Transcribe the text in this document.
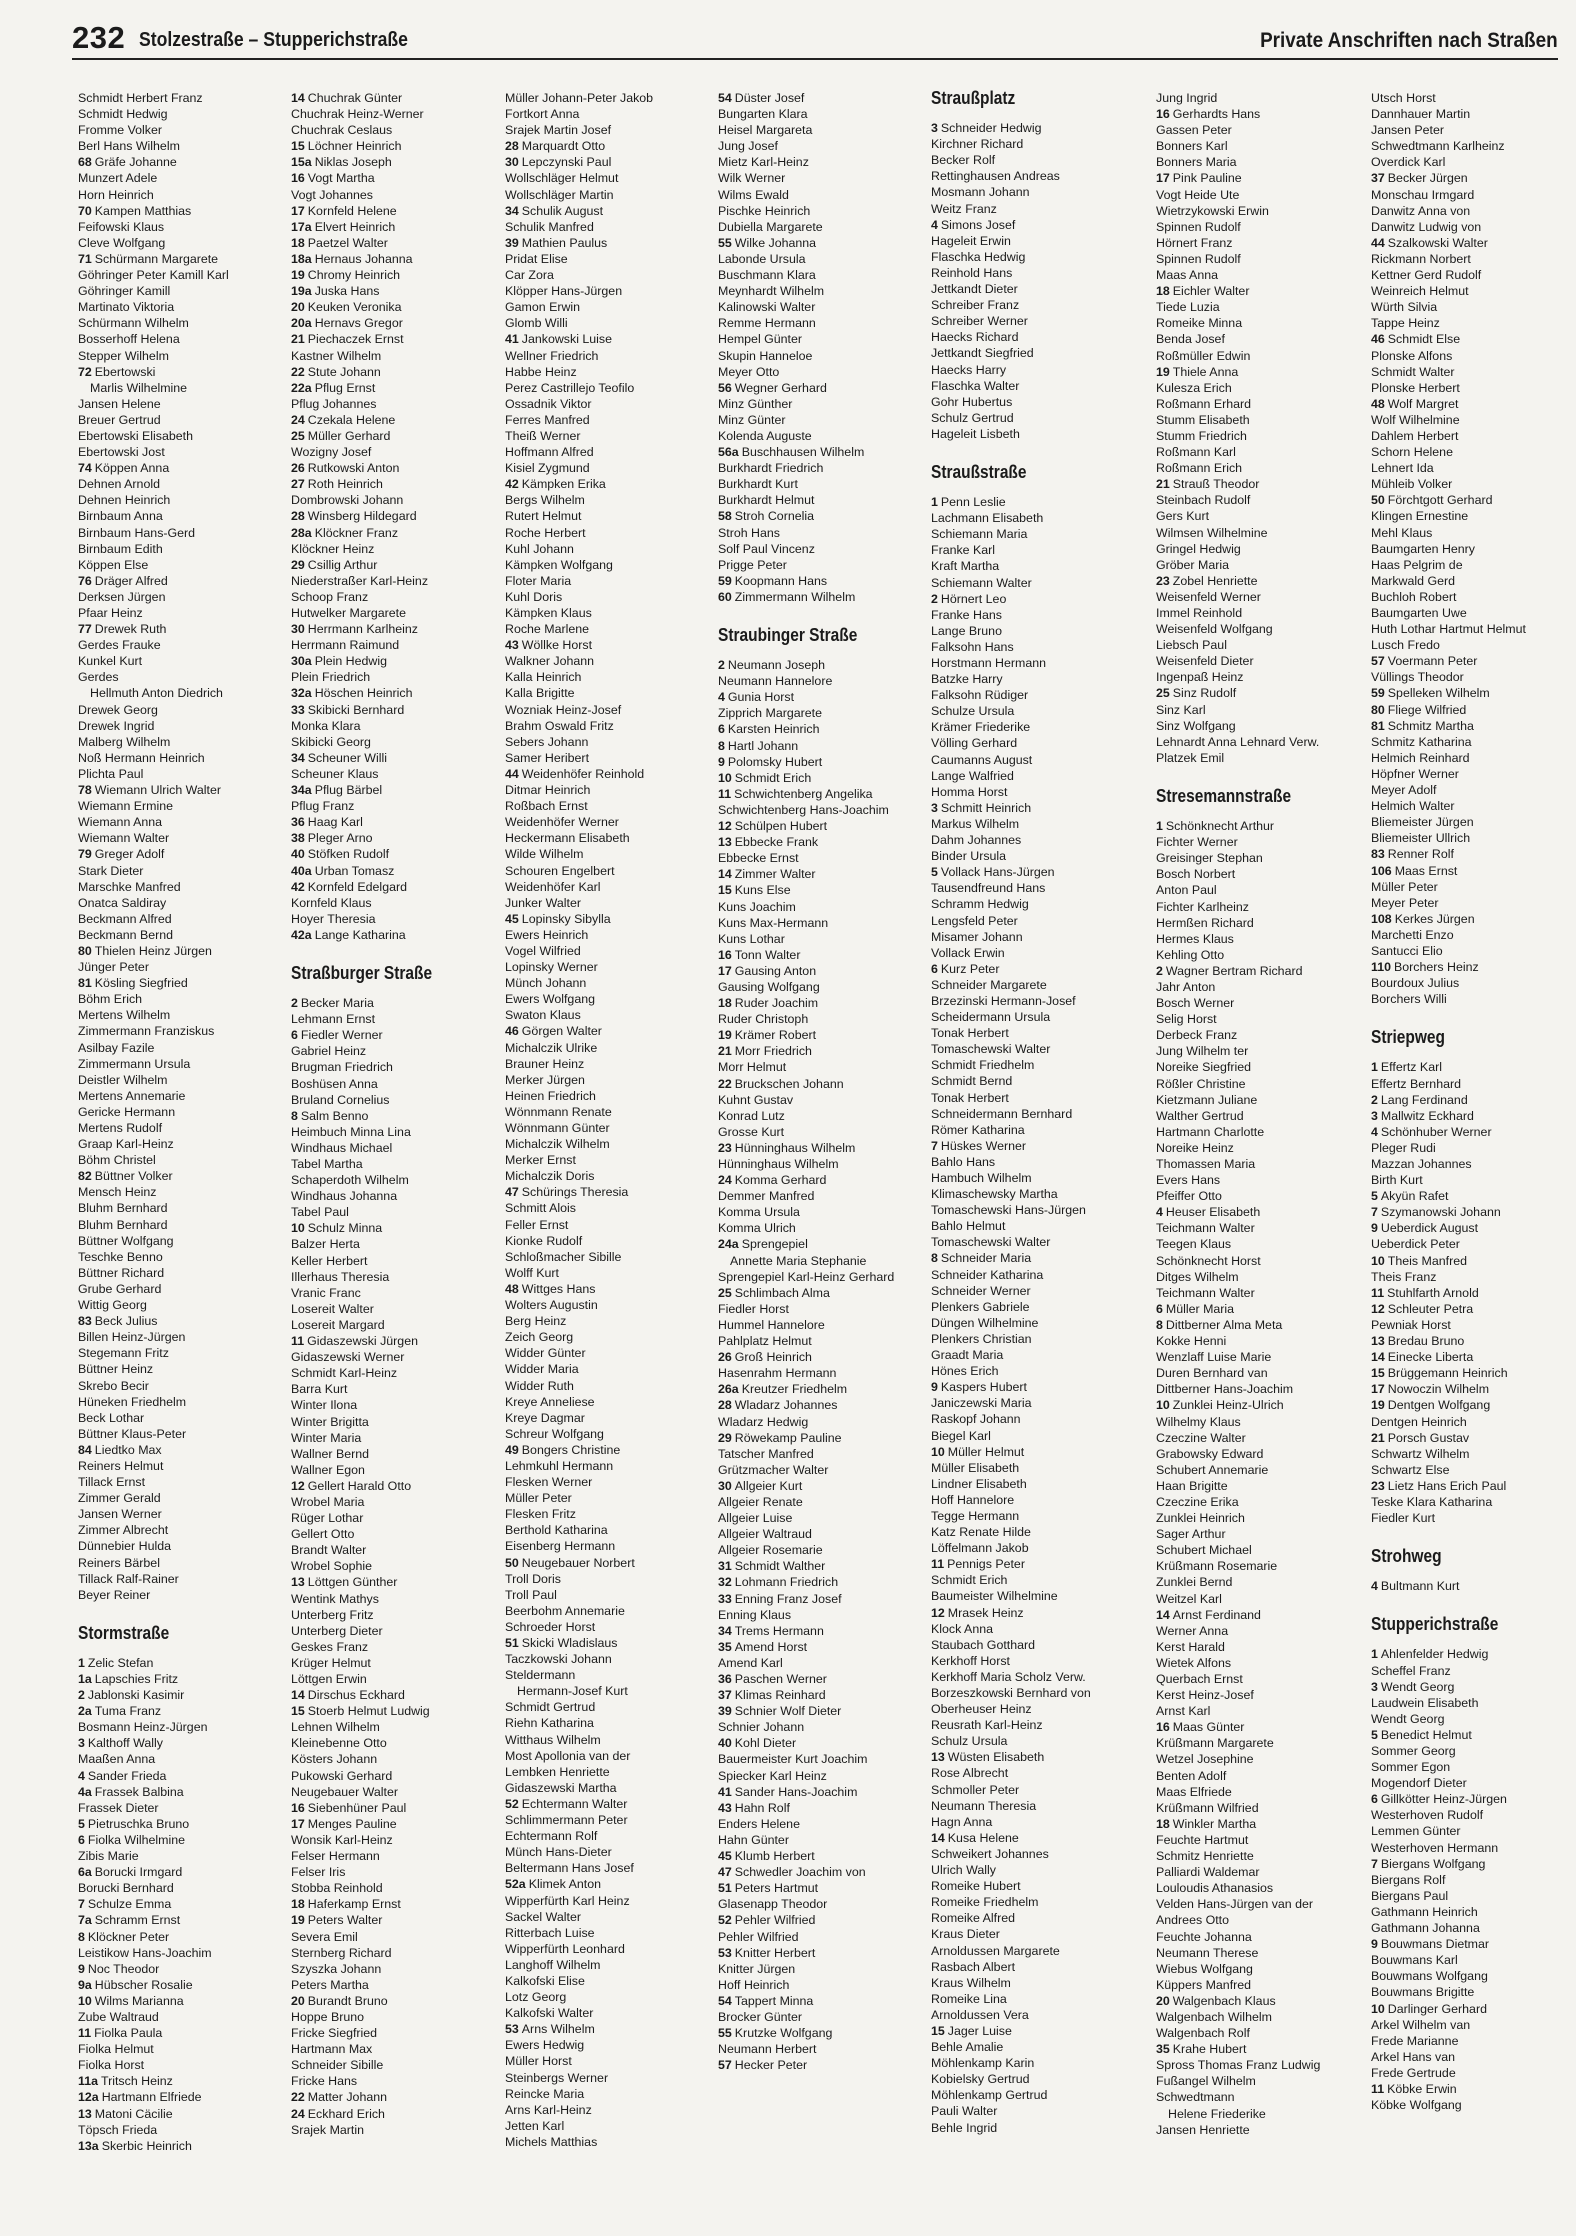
232 Stolzestraße – Stupperichstraße	Private Anschriften nach Straßen
Schmidt Herbert Franz
Schmidt Hedwig
Fromme Volker
Berl Hans Wilhelm
68 Gräfe Johanne
Munzert Adele
Horn Heinrich
70 Kampen Matthias
Feifowski Klaus
Cleve Wolfgang
71 Schürmann Margarete
Göhringer Peter Kamill Karl
Göhringer Kamill
Martinato Viktoria
Schürmann Wilhelm
Bosserhoff Helena
Stepper Wilhelm
72 Ebertowski
Marlis Wilhelmine
Jansen Helene
Breuer Gertrud
Ebertowski Elisabeth
Ebertowski Jost
74 Köppen Anna
Dehnen Arnold
Dehnen Heinrich
Birnbaum Anna
Birnbaum Hans-Gerd
Birnbaum Edith
Köppen Else
76 Dräger Alfred
Derksen Jürgen
Pfaar Heinz
77 Drewek Ruth
Gerdes Frauke
Kunkel Kurt
Gerdes
Hellmuth Anton Diedrich
Drewek Georg
Drewek Ingrid
Malberg Wilhelm
Noß Hermann Heinrich
Plichta Paul
78 Wiemann Ulrich Walter
Wiemann Ermine
Wiemann Anna
Wiemann Walter
79 Greger Adolf
Stark Dieter
Marschke Manfred
Onatca Saldiray
Beckmann Alfred
Beckmann Bernd
80 Thielen Heinz Jürgen
Jünger Peter
81 Kösling Siegfried
Böhm Erich
Mertens Wilhelm
Zimmermann Franziskus
Asilbay Fazile
Zimmermann Ursula
Deistler Wilhelm
Mertens Annemarie
Gericke Hermann
Mertens Rudolf
Graap Karl-Heinz
Böhm Christel
82 Büttner Volker
Mensch Heinz
Bluhm Bernhard
Bluhm Bernhard
Büttner Wolfgang
Teschke Benno
Büttner Richard
Grube Gerhard
Wittig Georg
83 Beck Julius
Billen Heinz-Jürgen
Stegemann Fritz
Büttner Heinz
Skrebo Becir
Hüneken Friedhelm
Beck Lothar
Büttner Klaus-Peter
84 Liedtko Max
Reiners Helmut
Tillack Ernst
Zimmer Gerald
Jansen Werner
Zimmer Albrecht
Dünnebier Hulda
Reiners Bärbel
Tillack Ralf-Rainer
Beyer Reiner
Stormstraße
1 Zelic Stefan
1a Lapschies Fritz
2 Jablonski Kasimir
2a Tuma Franz
Bosmann Heinz-Jürgen
3 Kalthoff Wally
Maaßen Anna
4 Sander Frieda
4a Frassek Balbina
Frassek Dieter
5 Pietruschka Bruno
6 Fiolka Wilhelmine
Zibis Marie
6a Borucki Irmgard
Borucki Bernhard
7 Schulze Emma
7a Schramm Ernst
8 Klöckner Peter
Leistikow Hans-Joachim
9 Noc Theodor
9a Hübscher Rosalie
10 Wilms Marianna
Zube Waltraud
11 Fiolka Paula
Fiolka Helmut
Fiolka Horst
11a Tritsch Heinz
12a Hartmann Elfriede
13 Matoni Cäcilie
Töpsch Frieda
13a Skerbic Heinrich
14 Chuchrak Günter
Chuchrak Heinz-Werner
Chuchrak Ceslaus
15 Löchner Heinrich
15a Niklas Joseph
16 Vogt Martha
Vogt Johannes
17 Kornfeld Helene
17a Elvert Heinrich
18 Paetzel Walter
18a Hernaus Johanna
19 Chromy Heinrich
19a Juska Hans
20 Keuken Veronika
20a Hernavs Gregor
21 Piechaczek Ernst
Kastner Wilhelm
22 Stute Johann
22a Pflug Ernst
Pflug Johannes
24 Czekala Helene
25 Müller Gerhard
Wozigny Josef
26 Rutkowski Anton
27 Roth Heinrich
Dombrowski Johann
28 Winsberg Hildegard
28a Klöckner Franz
Klöckner Heinz
29 Csillig Arthur
Niederstraßer Karl-Heinz
Schoop Franz
Hutwelker Margarete
30 Herrmann Karlheinz
Herrmann Raimund
30a Plein Hedwig
Plein Friedrich
32a Höschen Heinrich
33 Skibicki Bernhard
Monka Klara
Skibicki Georg
34 Scheuner Willi
Scheuner Klaus
34a Pflug Bärbel
Pflug Franz
36 Haag Karl
38 Pleger Arno
40 Stöfken Rudolf
40a Urban Tomasz
42 Kornfeld Edelgard
Kornfeld Klaus
Hoyer Theresia
42a Lange Katharina
Straßburger Straße
2 Becker Maria
Lehmann Ernst
6 Fiedler Werner
Gabriel Heinz
Brugman Friedrich
Boshüsen Anna
Bruland Cornelius
8 Salm Benno
Heimbuch Minna Lina
Windhaus Michael
Tabel Martha
Schaperdoth Wilhelm
Windhaus Johanna
Tabel Paul
10 Schulz Minna
Balzer Herta
Keller Herbert
Illerhaus Theresia
Vranic Franc
Losereit Walter
Losereit Margard
11 Gidaszewski Jürgen
Gidaszewski Werner
Schmidt Karl-Heinz
Barra Kurt
Winter Ilona
Winter Brigitta
Winter Maria
Wallner Bernd
Wallner Egon
12 Gellert Harald Otto
Wrobel Maria
Rüger Lothar
Gellert Otto
Brandt Walter
Wrobel Sophie
13 Löttgen Günther
Wentink Mathys
Unterberg Fritz
Unterberg Dieter
Geskes Franz
Krüger Helmut
Löttgen Erwin
14 Dirschus Eckhard
15 Stoerb Helmut Ludwig
Lehnen Wilhelm
Kleinebenne Otto
Kösters Johann
Pukowski Gerhard
Neugebauer Walter
16 Siebenhüner Paul
17 Menges Pauline
Wonsik Karl-Heinz
Felser Hermann
Felser Iris
Stobba Reinhold
18 Haferkamp Ernst
19 Peters Walter
Severa Emil
Sternberg Richard
Szyszka Johann
Peters Martha
20 Burandt Bruno
Hoppe Bruno
Fricke Siegfried
Hartmann Max
Schneider Sibille
Fricke Hans
22 Matter Johann
24 Eckhard Erich
Srajek Martin
Müller Johann-Peter Jakob
Fortkort Anna
Srajek Martin Josef
28 Marquardt Otto
30 Lepczynski Paul
Wollschläger Helmut
Wollschläger Martin
34 Schulik August
Schulik Manfred
39 Mathien Paulus
Pridat Elise
Car Zora
Klöpper Hans-Jürgen
Gamon Erwin
Glomb Willi
41 Jankowski Luise
Wellner Friedrich
Habbe Heinz
Perez Castrillejo Teofilo
Ossadnik Viktor
Ferres Manfred
Theiß Werner
Hoffmann Alfred
Kisiel Zygmund
42 Kämpken Erika
Bergs Wilhelm
Rutert Helmut
Roche Herbert
Kuhl Johann
Kämpken Wolfgang
Floter Maria
Kuhl Doris
Kämpken Klaus
Roche Marlene
43 Wöllke Horst
Walkner Johann
Kalla Heinrich
Kalla Brigitte
Wozniak Heinz-Josef
Brahm Oswald Fritz
Sebers Johann
Samer Heribert
44 Weidenhöfer Reinhold
Ditmar Heinrich
Roßbach Ernst
Weidenhöfer Werner
Heckermann Elisabeth
Wilde Wilhelm
Schouren Engelbert
Weidenhöfer Karl
Junker Walter
45 Lopinsky Sibylla
Ewers Heinrich
Vogel Wilfried
Lopinsky Werner
Münch Johann
Ewers Wolfgang
Swaton Klaus
46 Görgen Walter
Michalczik Ulrike
Brauner Heinz
Merker Jürgen
Heinen Friedrich
Wönnmann Renate
Wönnmann Günter
Michalczik Wilhelm
Merker Ernst
Michalczik Doris
47 Schürings Theresia
Schmitt Alois
Feller Ernst
Kionke Rudolf
Schloßmacher Sibille
Wolff Kurt
48 Wittges Hans
Wolters Augustin
Berg Heinz
Zeich Georg
Widder Günter
Widder Maria
Widder Ruth
Kreye Anneliese
Kreye Dagmar
Schreur Wolfgang
49 Bongers Christine
Lehmkuhl Hermann
Flesken Werner
Müller Peter
Flesken Fritz
Berthold Katharina
Eisenberg Hermann
50 Neugebauer Norbert
Troll Doris
Troll Paul
Beerbohm Annemarie
Schroeder Horst
51 Skicki Wladislaus
Taczkowski Johann
Steldermann
Hermann-Josef Kurt
Schmidt Gertrud
Riehn Katharina
Witthaus Wilhelm
Most Apollonia van der
Lembken Henriette
Gidaszewski Martha
52 Echtermann Walter
Schlimmermann Peter
Echtermann Rolf
Münch Hans-Dieter
Beltermann Hans Josef
52a Klimek Anton
Wipperfürth Karl Heinz
Sackel Walter
Ritterbach Luise
Wipperfürth Leonhard
Langhoff Wilhelm
Kalkofski Elise
Lotz Georg
Kalkofski Walter
53 Arns Wilhelm
Ewers Hedwig
Müller Horst
Steinbergs Werner
Reincke Maria
Arns Karl-Heinz
Jetten Karl
Michels Matthias
54 Düster Josef
Bungarten Klara
Heisel Margareta
Jung Josef
Mietz Karl-Heinz
Wilk Werner
Wilms Ewald
Pischke Heinrich
Dubiella Margarete
55 Wilke Johanna
Labonde Ursula
Buschmann Klara
Meynhardt Wilhelm
Kalinowski Walter
Remme Hermann
Hempel Günter
Skupin Hanneloe
Meyer Otto
56 Wegner Gerhard
Minz Günther
Minz Günter
Kolenda Auguste
56a Buschhausen Wilhelm
Burkhardt Friedrich
Burkhardt Kurt
Burkhardt Helmut
58 Stroh Cornelia
Stroh Hans
Solf Paul Vincenz
Prigge Peter
59 Koopmann Hans
60 Zimmermann Wilhelm
Straubinger Straße
2 Neumann Joseph
Neumann Hannelore
4 Gunia Horst
Zipprich Margarete
6 Karsten Heinrich
8 Hartl Johann
9 Polomsky Hubert
10 Schmidt Erich
11 Schwichtenberg Angelika
Schwichtenberg Hans-Joachim
12 Schülpen Hubert
13 Ebbecke Frank
Ebbecke Ernst
14 Zimmer Walter
15 Kuns Else
Kuns Joachim
Kuns Max-Hermann
Kuns Lothar
16 Tonn Walter
17 Gausing Anton
Gausing Wolfgang
18 Ruder Joachim
Ruder Christoph
19 Krämer Robert
21 Morr Friedrich
Morr Helmut
22 Bruckschen Johann
Kuhnt Gustav
Konrad Lutz
Grosse Kurt
23 Hünninghaus Wilhelm
Hünninghaus Wilhelm
24 Komma Gerhard
Demmer Manfred
Komma Ursula
Komma Ulrich
24a Sprengepiel
Annette Maria Stephanie
Sprengepiel Karl-Heinz Gerhard
25 Schlimbach Alma
Fiedler Horst
Hummel Hannelore
Pahlplatz Helmut
26 Groß Heinrich
Hasenrahm Hermann
26a Kreutzer Friedhelm
28 Wladarz Johannes
Wladarz Hedwig
29 Röwekamp Pauline
Tatscher Manfred
Grützmacher Walter
30 Allgeier Kurt
Allgeier Renate
Allgeier Luise
Allgeier Waltraud
Allgeier Rosemarie
31 Schmidt Walther
32 Lohmann Friedrich
33 Enning Franz Josef
Enning Klaus
34 Trems Hermann
35 Amend Horst
Amend Karl
36 Paschen Werner
37 Klimas Reinhard
39 Schnier Wolf Dieter
Schnier Johann
40 Kohl Dieter
Bauermeister Kurt Joachim
Spiecker Karl Heinz
41 Sander Hans-Joachim
43 Hahn Rolf
Enders Helene
Hahn Günter
45 Klumb Herbert
47 Schwedler Joachim von
51 Peters Hartmut
Glasenapp Theodor
52 Pehler Wilfried
Pehler Wilfried
53 Knitter Herbert
Knitter Jürgen
Hoff Heinrich
54 Tappert Minna
Brocker Günter
55 Krutzke Wolfgang
Neumann Herbert
57 Hecker Peter
Straußplatz
3 Schneider Hedwig
Kirchner Richard
Becker Rolf
Rettinghausen Andreas
Mosmann Johann
Weitz Franz
4 Simons Josef
Hageleit Erwin
Flaschka Hedwig
Reinhold Hans
Jettkandt Dieter
Schreiber Franz
Schreiber Werner
Haecks Richard
Jettkandt Siegfried
Haecks Harry
Flaschka Walter
Gohr Hubertus
Schulz Gertrud
Hageleit Lisbeth
Straußstraße
1 Penn Leslie
Lachmann Elisabeth
Schiemann Maria
Franke Karl
Kraft Martha
Schiemann Walter
2 Hörnert Leo
Franke Hans
Lange Bruno
Falksohn Hans
Horstmann Hermann
Batzke Harry
Falksohn Rüdiger
Schulze Ursula
Krämer Friederike
Völling Gerhard
Caumanns August
Lange Walfried
Homma Horst
3 Schmitt Heinrich
Markus Wilhelm
Dahm Johannes
Binder Ursula
5 Vollack Hans-Jürgen
Tausendfreund Hans
Schramm Hedwig
Lengsfeld Peter
Misamer Johann
Vollack Erwin
6 Kurz Peter
Schneider Margarete
Brzezinski Hermann-Josef
Scheidermann Ursula
Tonak Herbert
Tomaschewski Walter
Schmidt Friedhelm
Schmidt Bernd
Tonak Herbert
Schneidermann Bernhard
Römer Katharina
7 Hüskes Werner
Bahlo Hans
Hambuch Wilhelm
Klimaschewsky Martha
Tomaschewski Hans-Jürgen
Bahlo Helmut
Tomaschewski Walter
8 Schneider Maria
Schneider Katharina
Schneider Werner
Plenkers Gabriele
Düngen Wilhelmine
Plenkers Christian
Graadt Maria
Hönes Erich
9 Kaspers Hubert
Janiczewski Maria
Raskopf Johann
Biegel Karl
10 Müller Helmut
Müller Elisabeth
Lindner Elisabeth
Hoff Hannelore
Tegge Hermann
Katz Renate Hilde
Löffelmann Jakob
11 Pennigs Peter
Schmidt Erich
Baumeister Wilhelmine
12 Mrasek Heinz
Klock Anna
Staubach Gotthard
Kerkhoff Horst
Kerkhoff Maria Scholz Verw.
Borzeszkowski Bernhard von
Oberheuser Heinz
Reusrath Karl-Heinz
Schulz Ursula
13 Wüsten Elisabeth
Rose Albrecht
Schmoller Peter
Neumann Theresia
Hagn Anna
14 Kusa Helene
Schweikert Johannes
Ulrich Wally
Romeike Hubert
Romeike Friedhelm
Romeike Alfred
Kraus Dieter
Arnoldussen Margarete
Rasbach Albert
Kraus Wilhelm
Romeike Lina
Arnoldussen Vera
15 Jager Luise
Behle Amalie
Möhlenkamp Karin
Kobielsky Gertrud
Möhlenkamp Gertrud
Pauli Walter
Behle Ingrid
Jung Ingrid
16 Gerhardts Hans
Gassen Peter
Bonners Karl
Bonners Maria
17 Pink Pauline
Vogt Heide Ute
Wietrzykowski Erwin
Spinnen Rudolf
Hörnert Franz
Spinnen Rudolf
Maas Anna
18 Eichler Walter
Tiede Luzia
Romeike Minna
Benda Josef
Roßmüller Edwin
19 Thiele Anna
Kulesza Erich
Roßmann Erhard
Stumm Elisabeth
Stumm Friedrich
Roßmann Karl
Roßmann Erich
21 Strauß Theodor
Steinbach Rudolf
Gers Kurt
Wilmsen Wilhelmine
Gringel Hedwig
Gröber Maria
23 Zobel Henriette
Weisenfeld Werner
Immel Reinhold
Weisenfeld Wolfgang
Liebsch Paul
Weisenfeld Dieter
Ingenpaß Heinz
25 Sinz Rudolf
Sinz Karl
Sinz Wolfgang
Lehnardt Anna Lehnard Verw.
Platzek Emil
Stresemannstraße
1 Schönknecht Arthur
Fichter Werner
Greisinger Stephan
Bosch Norbert
Anton Paul
Fichter Karlheinz
Hermßen Richard
Hermes Klaus
Kehling Otto
2 Wagner Bertram Richard
Jahr Anton
Bosch Werner
Selig Horst
Derbeck Franz
Jung Wilhelm ter
Noreike Siegfried
Rößler Christine
Kietzmann Juliane
Walther Gertrud
Hartmann Charlotte
Noreike Heinz
Thomassen Maria
Evers Hans
Pfeiffer Otto
4 Heuser Elisabeth
Teichmann Walter
Teegen Klaus
Schönknecht Horst
Ditges Wilhelm
Teichmann Walter
6 Müller Maria
8 Dittberner Alma Meta
Kokke Henni
Wenzlaff Luise Marie
Duren Bernhard van
Dittberner Hans-Joachim
10 Zunklei Heinz-Ulrich
Wilhelmy Klaus
Czeczine Walter
Grabowsky Edward
Schubert Annemarie
Haan Brigitte
Czeczine Erika
Zunklei Heinrich
Sager Arthur
Schubert Michael
Krüßmann Rosemarie
Zunklei Bernd
Weitzel Karl
14 Arnst Ferdinand
Werner Anna
Kerst Harald
Wietek Alfons
Querbach Ernst
Kerst Heinz-Josef
Arnst Karl
16 Maas Günter
Krüßmann Margarete
Wetzel Josephine
Benten Adolf
Maas Elfriede
Krüßmann Wilfried
18 Winkler Martha
Feuchte Hartmut
Schmitz Henriette
Palliardi Waldemar
Louloudis Athanasios
Velden Hans-Jürgen van der
Andrees Otto
Feuchte Johanna
Neumann Therese
Wiebus Wolfgang
Küppers Manfred
20 Walgenbach Klaus
Walgenbach Wilhelm
Walgenbach Rolf
35 Krahe Hubert
Spross Thomas Franz Ludwig
Fußangel Wilhelm
Schwedtmann
Helene Friederike
Jansen Henriette
Utsch Horst
Dannhauer Martin
Jansen Peter
Schwedtmann Karlheinz
Overdick Karl
37 Becker Jürgen
Monschau Irmgard
Danwitz Anna von
Danwitz Ludwig von
44 Szalkowski Walter
Rickmann Norbert
Kettner Gerd Rudolf
Weinreich Helmut
Würth Silvia
Tappe Heinz
46 Schmidt Else
Plonske Alfons
Schmidt Walter
Plonske Herbert
48 Wolf Margret
Wolf Wilhelmine
Dahlem Herbert
Schorn Helene
Lehnert Ida
Mühleib Volker
50 Förchtgott Gerhard
Klingen Ernestine
Mehl Klaus
Baumgarten Henry
Haas Pelgrim de
Markwald Gerd
Buchloh Robert
Baumgarten Uwe
Huth Lothar Hartmut Helmut
Lusch Fredo
57 Voermann Peter
Vüllings Theodor
59 Spelleken Wilhelm
80 Fliege Wilfried
81 Schmitz Martha
Schmitz Katharina
Helmich Reinhard
Höpfner Werner
Meyer Adolf
Helmich Walter
Bliemeister Jürgen
Bliemeister Ullrich
83 Renner Rolf
106 Maas Ernst
Müller Peter
Meyer Peter
108 Kerkes Jürgen
Marchetti Enzo
Santucci Elio
110 Borchers Heinz
Bourdoux Julius
Borchers Willi
Striepweg
1 Effertz Karl
Effertz Bernhard
2 Lang Ferdinand
3 Mallwitz Eckhard
4 Schönhuber Werner
Pleger Rudi
Mazzan Johannes
Birth Kurt
5 Akyün Rafet
7 Szymanowski Johann
9 Ueberdick August
Ueberdick Peter
10 Theis Manfred
Theis Franz
11 Stuhlfarth Arnold
12 Schleuter Petra
Pewniak Horst
13 Bredau Bruno
14 Einecke Liberta
15 Brüggemann Heinrich
17 Nowoczin Wilhelm
19 Dentgen Wolfgang
Dentgen Heinrich
21 Porsch Gustav
Schwartz Wilhelm
Schwartz Else
23 Lietz Hans Erich Paul
Teske Klara Katharina
Fiedler Kurt
Strohweg
4 Bultmann Kurt
Stupperichstraße
1 Ahlenfelder Hedwig
Scheffel Franz
3 Wendt Georg
Laudwein Elisabeth
Wendt Georg
5 Benedict Helmut
Sommer Georg
Sommer Egon
Mogendorf Dieter
6 Gillkötter Heinz-Jürgen
Westerhoven Rudolf
Lemmen Günter
Westerhoven Hermann
7 Biergans Wolfgang
Biergans Rolf
Biergans Paul
Gathmann Heinrich
Gathmann Johanna
9 Bouwmans Dietmar
Bouwmans Karl
Bouwmans Wolfgang
Bouwmans Brigitte
10 Darlinger Gerhard
Arkel Wilhelm van
Frede Marianne
Arkel Hans van
Frede Gertrude
11 Köbke Erwin
Köbke Wolfgang
